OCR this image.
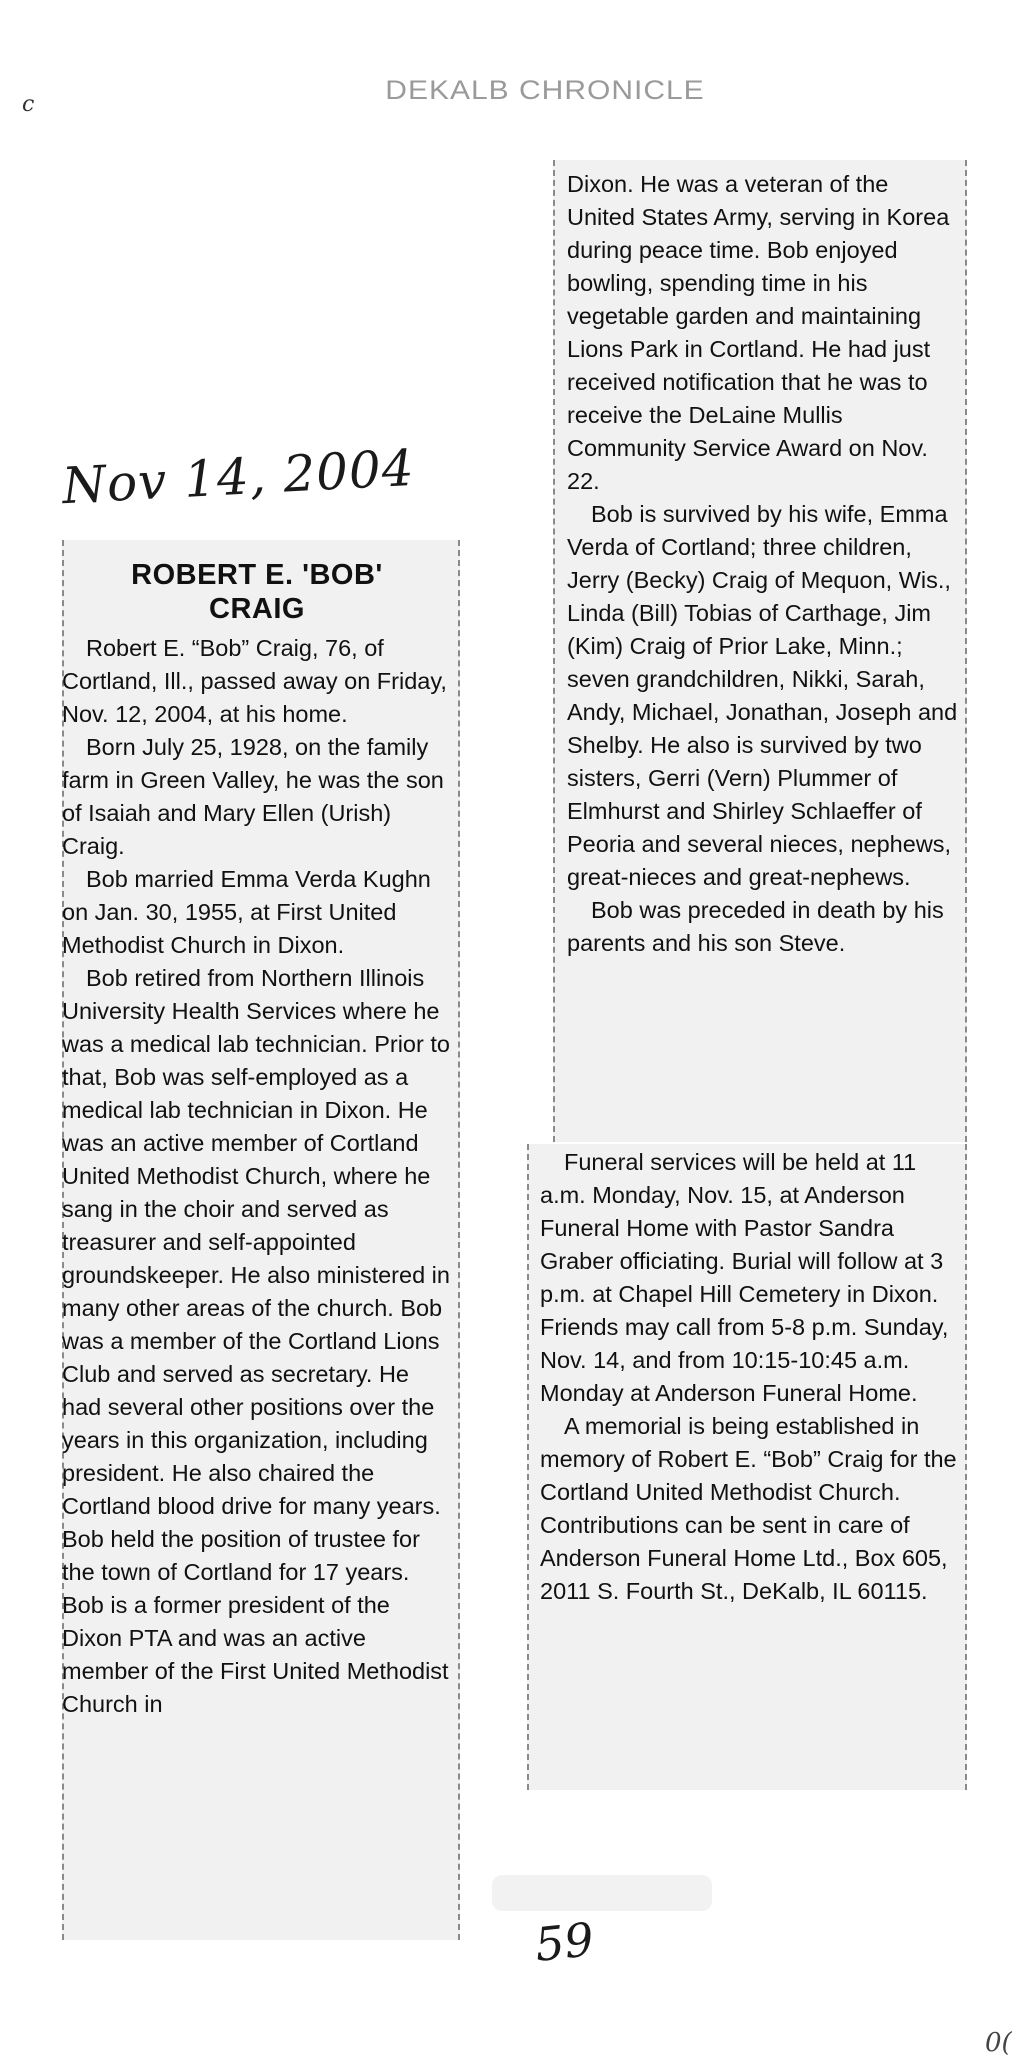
c	DEKALB CHRONICLE
Nov 14, 2004
ROBERT E. 'BOB'
CRAIG

Robert E. “Bob” Craig, 76, of Cortland, Ill., passed away on Friday, Nov. 12, 2004, at his home.

Born July 25, 1928, on the family farm in Green Valley, he was the son of Isaiah and Mary Ellen (Urish) Craig.

Bob married Emma Verda Kughn on Jan. 30, 1955, at First United Methodist Church in Dixon.

Bob retired from Northern Illinois University Health Services where he was a medical lab technician. Prior to that, Bob was self-employed as a medical lab technician in Dixon. He was an active member of Cortland United Methodist Church, where he sang in the choir and served as treasurer and self-appointed groundskeeper. He also ministered in many other areas of the church. Bob was a member of the Cortland Lions Club and served as secretary. He had several other positions over the years in this organization, including president. He also chaired the Cortland blood drive for many years. Bob held the position of trustee for the town of Cortland for 17 years. Bob is a former president of the Dixon PTA and was an active member of the First United Methodist Church in

Dixon. He was a veteran of the United States Army, serving in Korea during peace time. Bob enjoyed bowling, spending time in his vegetable garden and maintaining Lions Park in Cortland. He had just received notification that he was to receive the DeLaine Mullis Community Service Award on Nov. 22.

Bob is survived by his wife, Emma Verda of Cortland; three children, Jerry (Becky) Craig of Mequon, Wis., Linda (Bill) Tobias of Carthage, Jim (Kim) Craig of Prior Lake, Minn.; seven grandchildren, Nikki, Sarah, Andy, Michael, Jonathan, Joseph and Shelby. He also is survived by two sisters, Gerri (Vern) Plummer of Elmhurst and Shirley Schlaeffer of Peoria and several nieces, nephews, great-nieces and great-nephews.

Bob was preceded in death by his parents and his son Steve.

Funeral services will be held at 11 a.m. Monday, Nov. 15, at Anderson Funeral Home with Pastor Sandra Graber officiating. Burial will follow at 3 p.m. at Chapel Hill Cemetery in Dixon. Friends may call from 5-8 p.m. Sunday, Nov. 14, and from 10:15-10:45 a.m. Monday at Anderson Funeral Home.

A memorial is being established in memory of Robert E. “Bob” Craig for the Cortland United Methodist Church. Contributions can be sent in care of Anderson Funeral Home Ltd., Box 605, 2011 S. Fourth St., DeKalb, IL 60115.

59
0(
